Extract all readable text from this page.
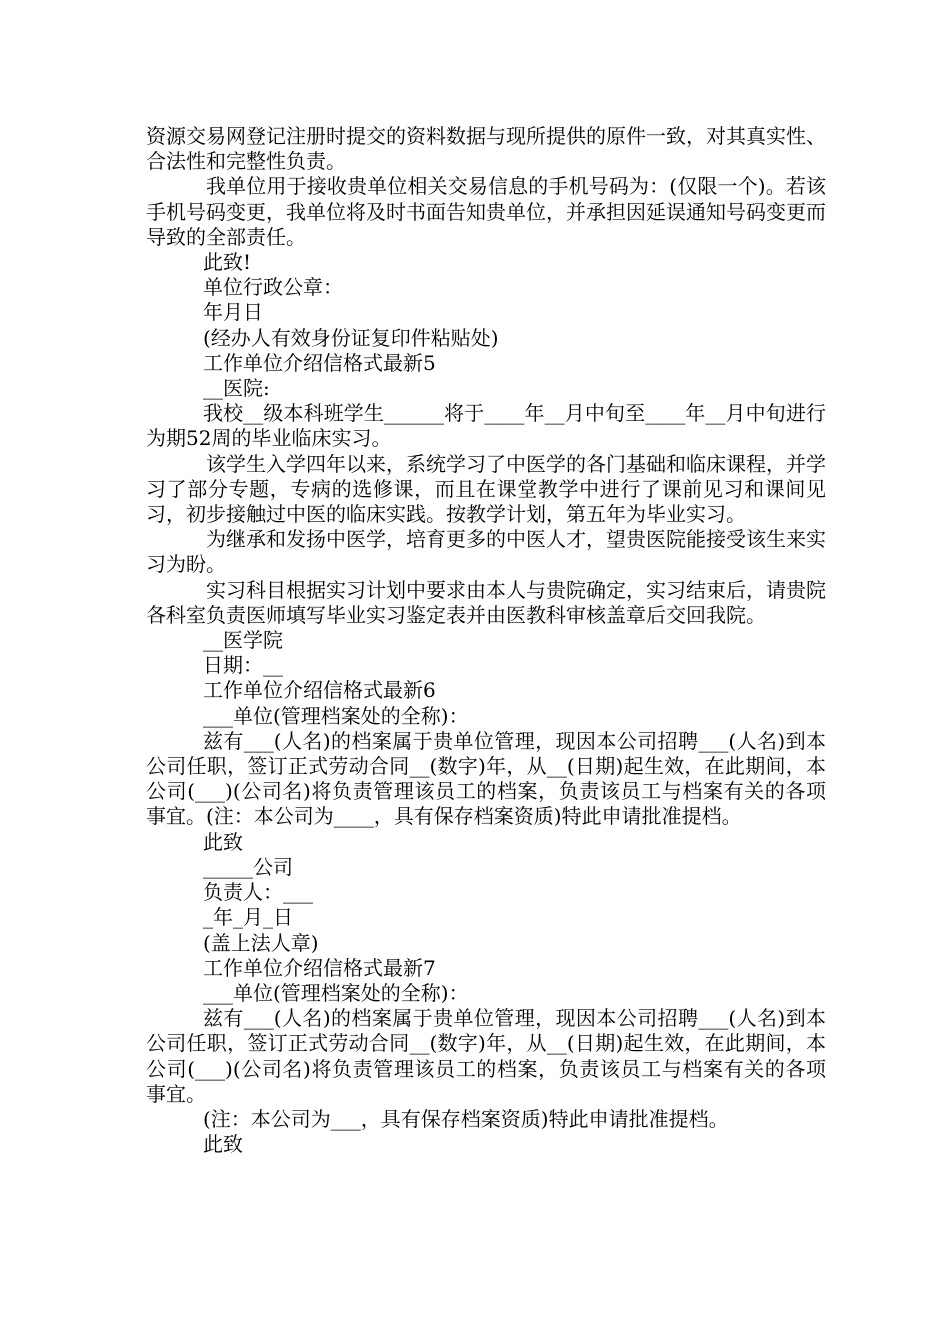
资源交易网登记注册时提交的资料数据与现所提供的原件一致，对其真实性、合法性和完整性负责。

我单位用于接收贵单位相关交易信息的手机号码为：(仅限一个)。若该手机号码变更，我单位将及时书面告知贵单位，并承担因延误通知号码变更而导致的全部责任。

此致!

单位行政公章：

年月日

(经办人有效身份证复印件粘贴处)

工作单位介绍信格式最新5

__医院:

我校__级本科班学生______将于____年__月中旬至____年__月中旬进行为期52周的毕业临床实习。

该学生入学四年以来，系统学习了中医学的各门基础和临床课程，并学习了部分专题，专病的选修课，而且在课堂教学中进行了课前见习和课间见习，初步接触过中医的临床实践。按教学计划，第五年为毕业实习。

为继承和发扬中医学，培育更多的中医人才，望贵医院能接受该生来实习为盼。

实习科目根据实习计划中要求由本人与贵院确定，实习结束后，请贵院各科室负责医师填写毕业实习鉴定表并由医教科审核盖章后交回我院。

__医学院

日期：__

工作单位介绍信格式最新6

___单位(管理档案处的全称)：

兹有___(人名)的档案属于贵单位管理，现因本公司招聘___(人名)到本公司任职，签订正式劳动合同__(数字)年，从__(日期)起生效，在此期间，本公司(___)(公司名)将负责管理该员工的档案，负责该员工与档案有关的各项事宜。(注：本公司为____，具有保存档案资质)特此申请批准提档。

此致

_____公司

负责人：___

_年_月_日

(盖上法人章)

工作单位介绍信格式最新7

___单位(管理档案处的全称)：

兹有___(人名)的档案属于贵单位管理，现因本公司招聘___(人名)到本公司任职，签订正式劳动合同__(数字)年，从__(日期)起生效，在此期间，本公司(___)(公司名)将负责管理该员工的档案，负责该员工与档案有关的各项事宜。

(注：本公司为___，具有保存档案资质)特此申请批准提档。

此致
